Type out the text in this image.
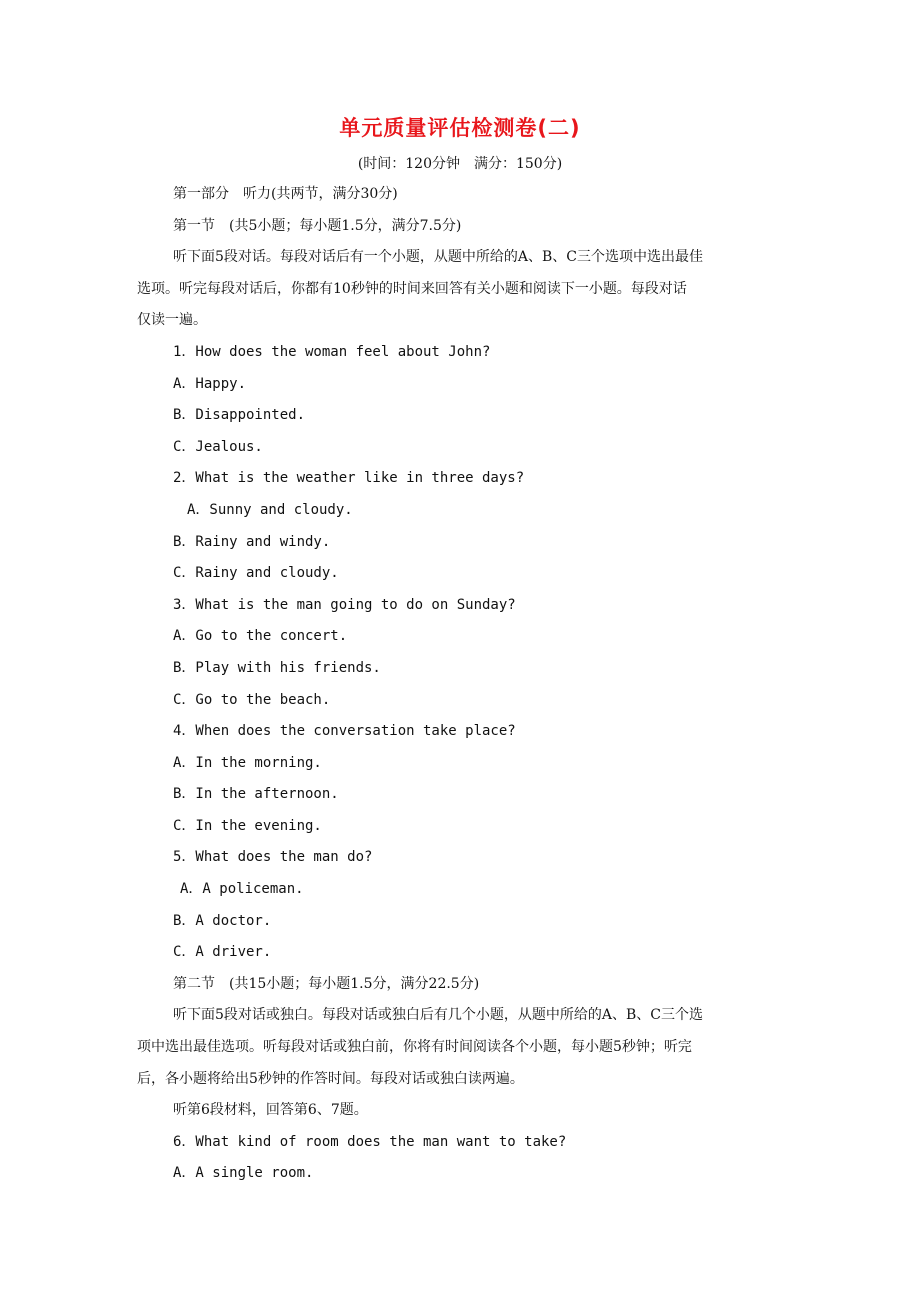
单元质量评估检测卷(二)
(时间：120分钟　满分：150分)
第一部分　听力(共两节，满分30分)
第一节　(共5小题；每小题1.5分，满分7.5分)
听下面5段对话。每段对话后有一个小题，从题中所给的A、B、C三个选项中选出最佳
选项。听完每段对话后，你都有10秒钟的时间来回答有关小题和阅读下一小题。每段对话
仅读一遍。
1．How does the woman feel about John?
A．Happy.
B．Disappointed.
C．Jealous.
2．What is the weather like in three days?
A．Sunny and cloudy.
B．Rainy and windy.
C．Rainy and cloudy.
3．What is the man going to do on Sunday?
A．Go to the concert.
B．Play with his friends.
C．Go to the beach.
4．When does the conversation take place?
A．In the morning.
B．In the afternoon.
C．In the evening.
5．What does the man do?
A．A policeman.
B．A doctor.
C．A driver.
第二节　(共15小题；每小题1.5分，满分22.5分)
听下面5段对话或独白。每段对话或独白后有几个小题，从题中所给的A、B、C三个选
项中选出最佳选项。听每段对话或独白前，你将有时间阅读各个小题，每小题5秒钟；听完
后，各小题将给出5秒钟的作答时间。每段对话或独白读两遍。
听第6段材料，回答第6、7题。
6．What kind of room does the man want to take?
A．A single room.
